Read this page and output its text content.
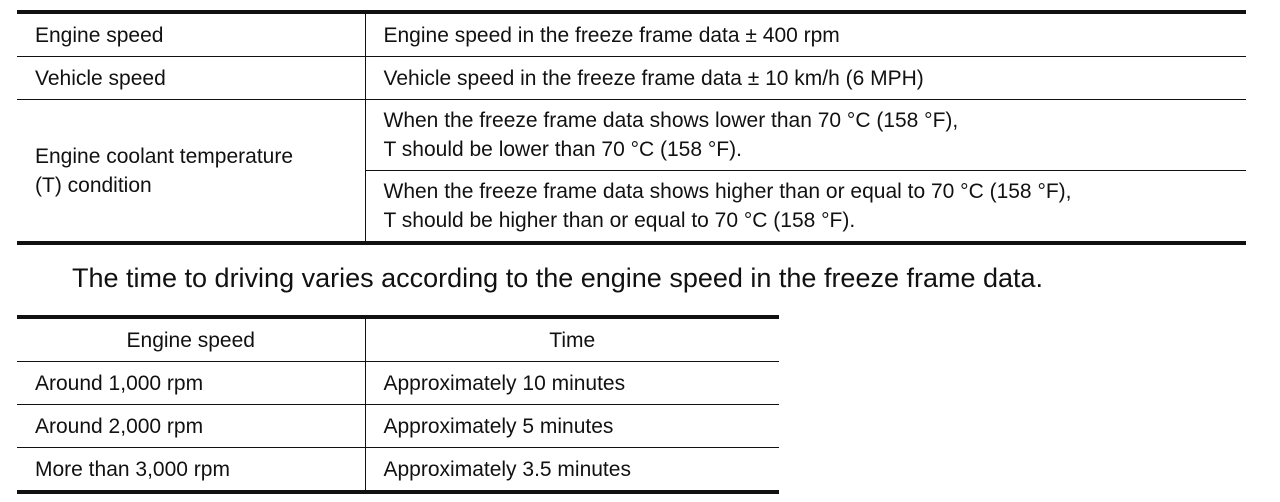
Engine speed	Engine speed in the freeze frame data ± 400 rpm
Vehicle speed	Vehicle speed in the freeze frame data ± 10 km/h (6 MPH)

Engine coolant temperature
(T) condition	When the freeze frame data shows lower than 70 °C (158 °F),
T should be lower than 70 °C (158 °F).

	When the freeze frame data shows higher than or equal to 70 °C (158 °F),
T should be higher than or equal to 70 °C (158 °F).

The time to driving varies according to the engine speed in the freeze frame data.

Engine speed	Time
Around 1,000 rpm	Approximately 10 minutes
Around 2,000 rpm	Approximately 5 minutes
More than 3,000 rpm	Approximately 3.5 minutes
